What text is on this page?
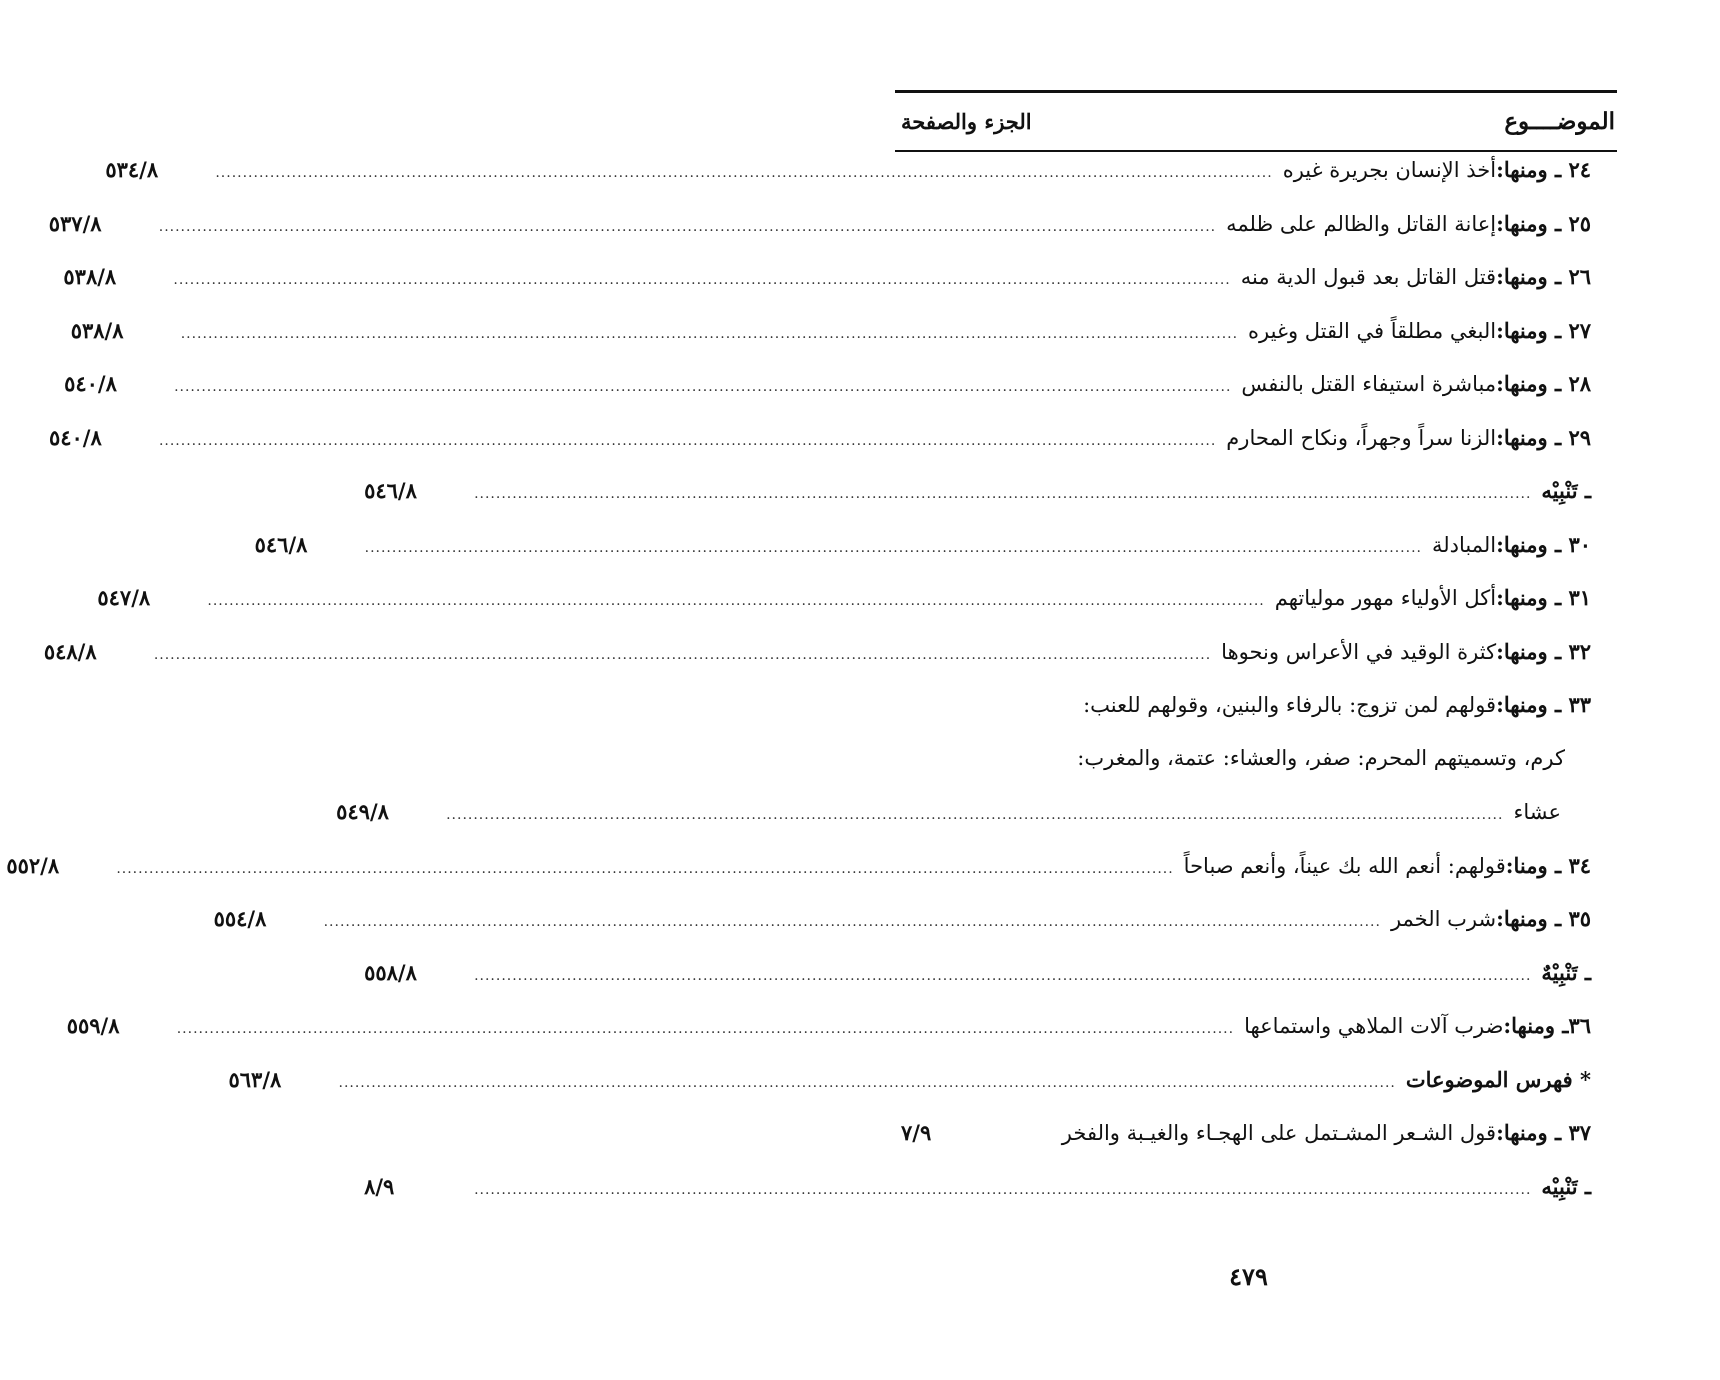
الموضــــوع
الجزء والصفحة
٢٤ ـ ومنها:
أخذ الإنسان بجريرة غيره
..................................................................................................................................................................................................
٥٣٤/٨
٢٥ ـ ومنها:
إعانة القاتل والظالم على ظلمه
..................................................................................................................................................................................................
٥٣٧/٨
٢٦ ـ ومنها:
قتل القاتل بعد قبول الدية منه
..................................................................................................................................................................................................
٥٣٨/٨
٢٧ ـ ومنها:
البغي مطلقاً في القتل وغيره
..................................................................................................................................................................................................
٥٣٨/٨
٢٨ ـ ومنها:
مباشرة استيفاء القتل بالنفس
..................................................................................................................................................................................................
٥٤٠/٨
٢٩ ـ ومنها:
الزنا سراً وجهراً، ونكاح المحارم
..................................................................................................................................................................................................
٥٤٠/٨
ـ تَنْبِيْه
..................................................................................................................................................................................................
٥٤٦/٨
٣٠ ـ ومنها:
المبادلة
..................................................................................................................................................................................................
٥٤٦/٨
٣١ ـ ومنها:
أكل الأولياء مهور مولياتهم
..................................................................................................................................................................................................
٥٤٧/٨
٣٢ ـ ومنها:
كثرة الوقيد في الأعراس ونحوها
..................................................................................................................................................................................................
٥٤٨/٨
٣٣ ـ ومنها:
قولهم لمن تزوج: بالرفاء والبنين، وقولهم للعنب:
كرم، وتسميتهم المحرم: صفر، والعشاء: عتمة، والمغرب:
عشاء
..................................................................................................................................................................................................
٥٤٩/٨
٣٤ ـ ومنا:
قولهم: أنعم الله بك عيناً، وأنعم صباحاً
..................................................................................................................................................................................................
٥٥٢/٨
٣٥ ـ ومنها:
شرب الخمر
..................................................................................................................................................................................................
٥٥٤/٨
ـ تَنْبِيْهٌ
..................................................................................................................................................................................................
٥٥٨/٨
٣٦ـ ومنها:
ضرب آلات الملاهي واستماعها
..................................................................................................................................................................................................
٥٥٩/٨
* فهرس الموضوعات
..................................................................................................................................................................................................
٥٦٣/٨
٣٧ ـ ومنها:
قول الشـعر المشـتمل على الهجـاء والغيـبة والفخر
٧/٩
ـ تَنْبِيْه
..................................................................................................................................................................................................
٨/٩
٤٧٩
